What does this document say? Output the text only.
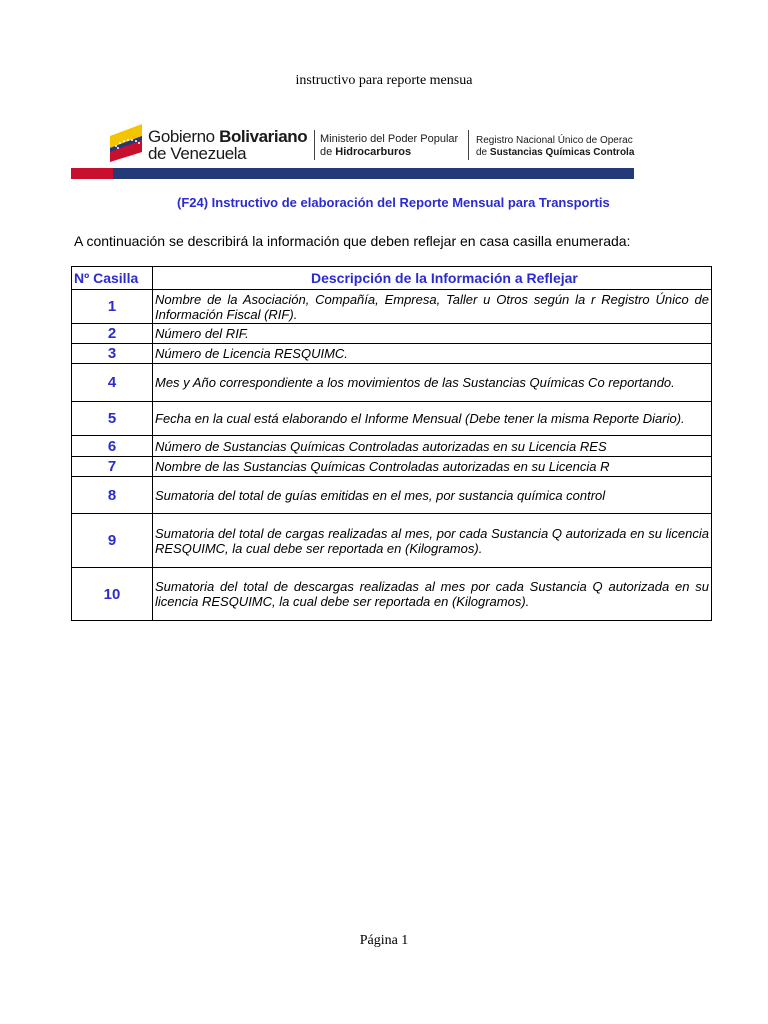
instructivo para reporte mensua
Gobierno Bolivariano
de Venezuela
Ministerio del Poder Popular
de Hidrocarburos
Registro Nacional Único de Operac
de Sustancias Químicas Controla
(F24) Instructivo de elaboración del Reporte Mensual para Transportis
A continuación se describirá la información que deben reflejar en casa casilla enumerada:
Nº Casilla	Descripción de la Información a Reflejar
1	Nombre de la Asociación, Compañía, Empresa, Taller u Otros según la r Registro Único de Información Fiscal (RIF).
2	Número del RIF.
3	Número de Licencia RESQUIMC.
4	Mes y Año correspondiente a los movimientos de las Sustancias Químicas Co reportando.
5	Fecha en la cual está elaborando el Informe Mensual (Debe tener la misma Reporte Diario).
6	Número de Sustancias Químicas Controladas autorizadas en su Licencia RES
7	Nombre de las Sustancias Químicas Controladas autorizadas en su Licencia R
8	Sumatoria del total de guías emitidas en el mes, por sustancia química control
9	Sumatoria del total de cargas realizadas al mes, por cada Sustancia Q autorizada en su licencia RESQUIMC, la cual debe ser reportada en (Kilogramos).
10	Sumatoria del total de descargas realizadas al mes por cada Sustancia Q autorizada en su licencia RESQUIMC, la cual debe ser reportada en (Kilogramos).
Página 1
